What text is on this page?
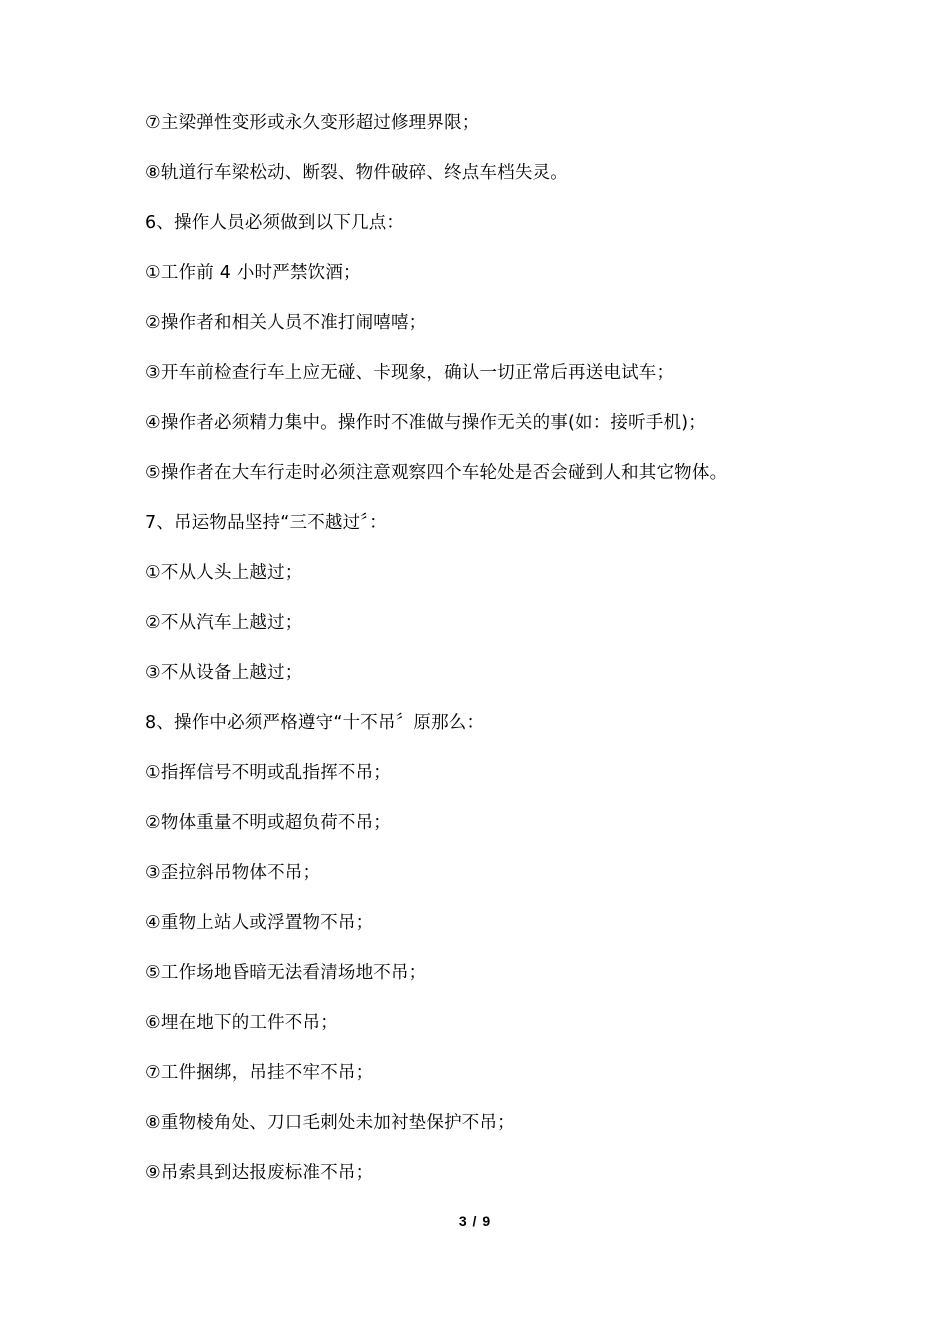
⑦主梁弹性变形或永久变形超过修理界限；
⑧轨道行车梁松动、断裂、物件破碎、终点车档失灵。
6、操作人员必须做到以下几点：
①工作前 4 小时严禁饮酒；
②操作者和相关人员不准打闹嘻嘻；
③开车前检查行车上应无碰、卡现象，确认一切正常后再送电试车；
④操作者必须精力集中。操作时不准做与操作无关的事(如：接听手机)；
⑤操作者在大车行走时必须注意观察四个车轮处是否会碰到人和其它物体。
7、吊运物品坚持“三不越过〞：
①不从人头上越过；
②不从汽车上越过；
③不从设备上越过；
8、操作中必须严格遵守“十不吊〞原那么：
①指挥信号不明或乱指挥不吊；
②物体重量不明或超负荷不吊；
③歪拉斜吊物体不吊；
④重物上站人或浮置物不吊；
⑤工作场地昏暗无法看清场地不吊；
⑥埋在地下的工件不吊；
⑦工件捆绑，吊挂不牢不吊；
⑧重物棱角处、刀口毛刺处未加衬垫保护不吊；
⑨吊索具到达报废标准不吊；
3 / 9
